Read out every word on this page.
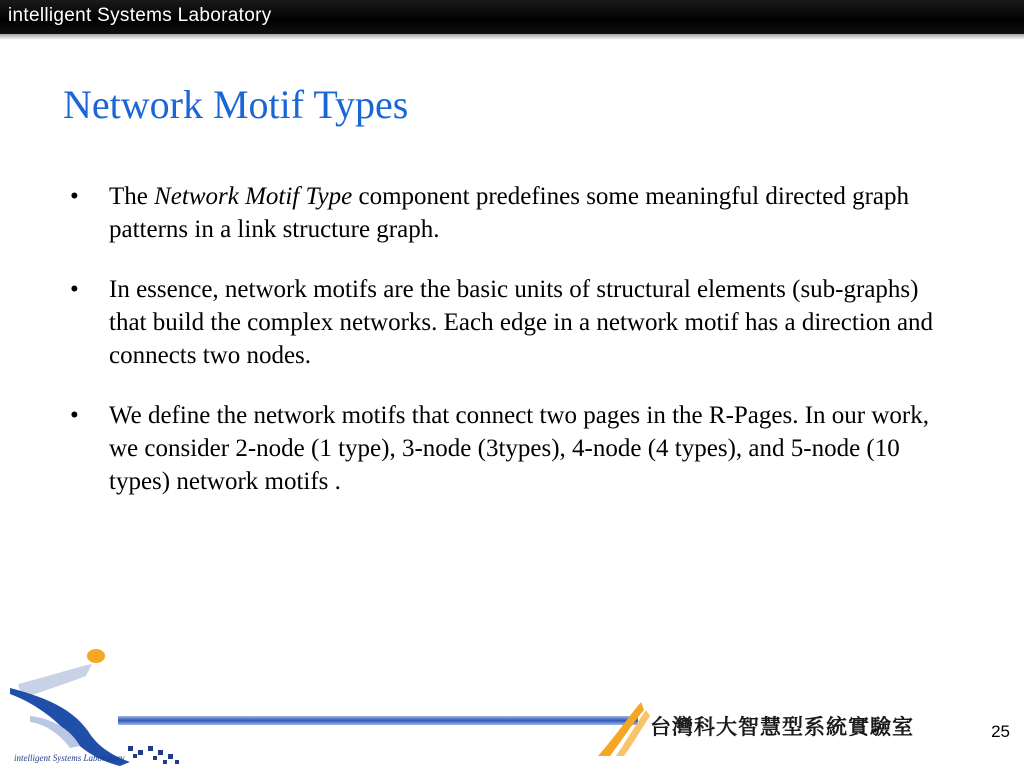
intelligent Systems Laboratory
Network Motif Types
• The Network Motif Type component predefines some meaningful directed graph patterns in a link structure graph.
• In essence, network motifs are the basic units of structural elements (sub-graphs) that build the complex networks. Each edge in a network motif has a direction and connects two nodes.
• We define the network motifs that connect two pages in the R-Pages. In our work, we consider 2-node (1 type), 3-node (3types), 4-node (4 types), and 5-node (10 types) network motifs .
intelligent Systems Laboratory
台灣科大智慧型系統實驗室	25
